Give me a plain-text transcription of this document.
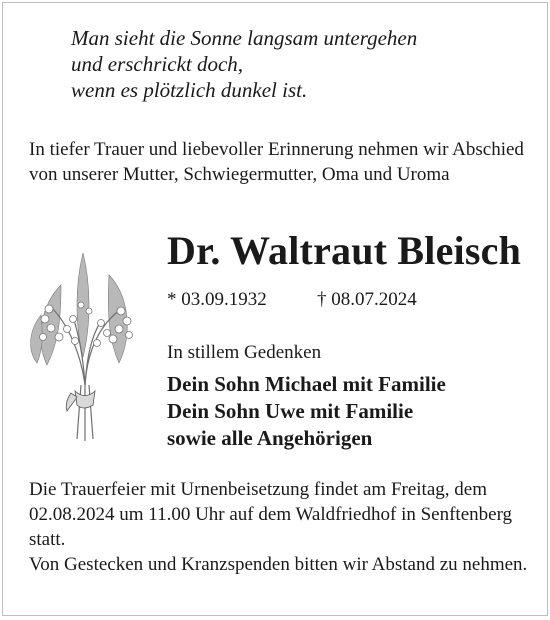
Man sieht die Sonne langsam untergehen
und erschrickt doch,
wenn es plötzlich dunkel ist.
In tiefer Trauer und liebevoller Erinnerung nehmen wir Abschied von unserer Mutter, Schwiegermutter, Oma und Uroma
Dr. Waltraut Bleisch
* 03.09.1932	† 08.07.2024
In stillem Gedenken
Dein Sohn Michael mit Familie
Dein Sohn Uwe mit Familie
sowie alle Angehörigen
Die Trauerfeier mit Urnenbeisetzung findet am Freitag, dem 02.08.2024 um 11.00 Uhr auf dem Waldfriedhof in Senftenberg statt.
Von Gestecken und Kranzspenden bitten wir Abstand zu nehmen.
